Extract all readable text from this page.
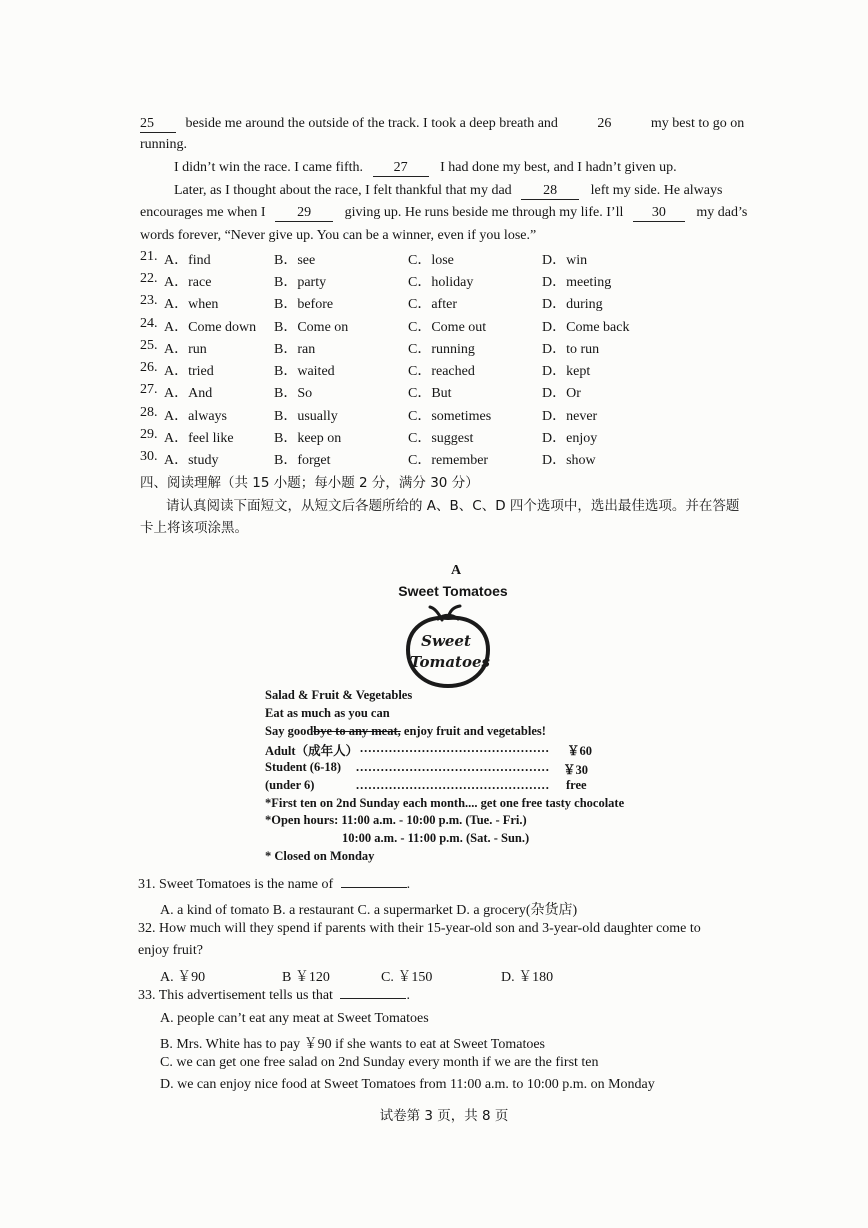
25 beside me around the outside of the track. I took a deep breath and	26	my best to go on
running.
I didn’t win the race. I came fifth. 27 I had done my best, and I hadn’t given up.
Later, as I thought about the race, I felt thankful that my dad 28 left my side. He always
encourages me when I 29 giving up. He runs beside me through my life. I’ll 30 my dad’s
words forever, “Never give up. You can be a winner, even if you lose.”
21. A．find	B．see	C．lose	D．win
22. A．race	B．party	C．holiday	D．meeting
23. A．when	B．before	C．after	D．during
24. A．Come down B．Come on	C．Come out	D．Come back
25. A．run	B．ran	C．running	D．to run
26. A．tried	B．waited	C．reached	D．kept
27. A．And	B．So	C．But	D．Or
28. A．always	B．usually	C．sometimes	D．never
29. A．feel like	B．keep on	C．suggest	D．enjoy
30. A．study	B．forget	C．remember	D．show
四、阅读理解（共 15 小题；每小题 2 分，满分 30 分）
请认真阅读下面短文，从短文后各题所给的 A、B、C、D 四个选项中，选出最佳选项。并在答题
卡上将该项涂黑。
A
Sweet Tomatoes
Sweet
Tomatoes
Salad & Fruit & Vegetables
Eat as much as you can
Say goodbye to any meat, enjoy fruit and vegetables!
Adult（成年人） .............................................. ￥60
Student (6-18) ............................................... ￥30
(under 6)	............................................... free
*First ten on 2nd Sunday each month.... get one free tasty chocolate
*Open hours: 11:00 a.m. - 10:00 p.m. (Tue. - Fri.)
10:00 a.m. - 11:00 p.m. (Sat. - Sun.)
* Closed on Monday
31. Sweet Tomatoes is the name of	.
A. a kind of tomato B. a restaurant C. a supermarket D. a grocery(杂货店)
32. How much will they spend if parents with their 15-year-old son and 3-year-old daughter come to
enjoy fruit?
A. ￥90	B ￥120	C. ￥150	D. ￥180
33. This advertisement tells us that	.
A. people can’t eat any meat at Sweet Tomatoes
B. Mrs. White has to pay ￥90 if she wants to eat at Sweet Tomatoes
C. we can get one free salad on 2nd Sunday every month if we are the first ten
D. we can enjoy nice food at Sweet Tomatoes from 11:00 a.m. to 10:00 p.m. on Monday
试卷第 3 页，共 8 页
